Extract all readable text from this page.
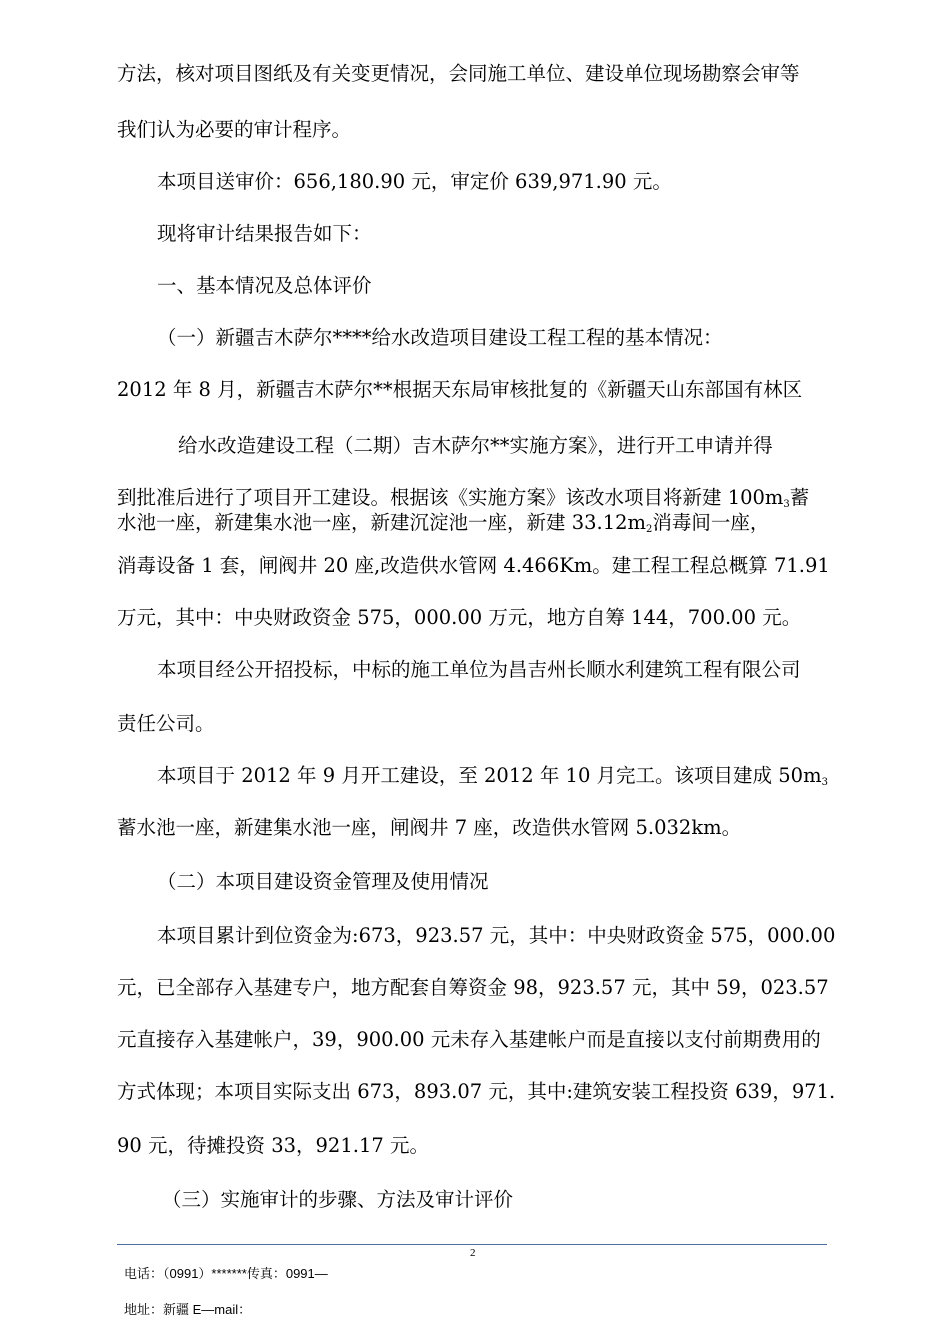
方法，核对项目图纸及有关变更情况，会同施工单位、建设单位现场勘察会审等
我们认为必要的审计程序。
本项目送审价：656,180.90 元，审定价 639,971.90 元。
现将审计结果报告如下：
一、基本情况及总体评价
（一）新疆吉木萨尔****给水改造项目建设工程工程的基本情况：
2012 年 8 月，新疆吉木萨尔**根据天东局审核批复的《新疆天山东部国有林区
给水改造建设工程（二期）吉木萨尔**实施方案》，进行开工申请并得
到批准后进行了项目开工建设。根据该《实施方案》该改水项目将新建 $100m_3$蓄
水池一座，新建集水池一座，新建沉淀池一座，新建 $33.12m_2$消毒间一座，
消毒设备 1 套，闸阀井 20 座,改造供水管网 4.466Km。建工程工程总概算 71.91
万元，其中：中央财政资金 575，000.00 万元，地方自筹 144，700.00 元。
本项目经公开招投标，中标的施工单位为昌吉州长顺水利建筑工程有限公司
责任公司。
本项目于 2012 年 9 月开工建设，至 2012 年 10 月完工。该项目建成 $50m_3$
蓄水池一座，新建集水池一座，闸阀井 7 座，改造供水管网 5.032km。
（二）本项目建设资金管理及使用情况
本项目累计到位资金为:673，923.57 元，其中：中央财政资金 575，000.00
元，已全部存入基建专户，地方配套自筹资金 98，923.57 元，其中 59，023.57
元直接存入基建帐户，39，900.00 元未存入基建帐户而是直接以支付前期费用的
方式体现；本项目实际支出 673，893.07 元，其中:建筑安装工程投资 639，971.
90 元，待摊投资 33，921.17 元。
（三）实施审计的步骤、方法及审计评价
2
电话：（0991）*******传真：0991—
地址：新疆 E—mail：
